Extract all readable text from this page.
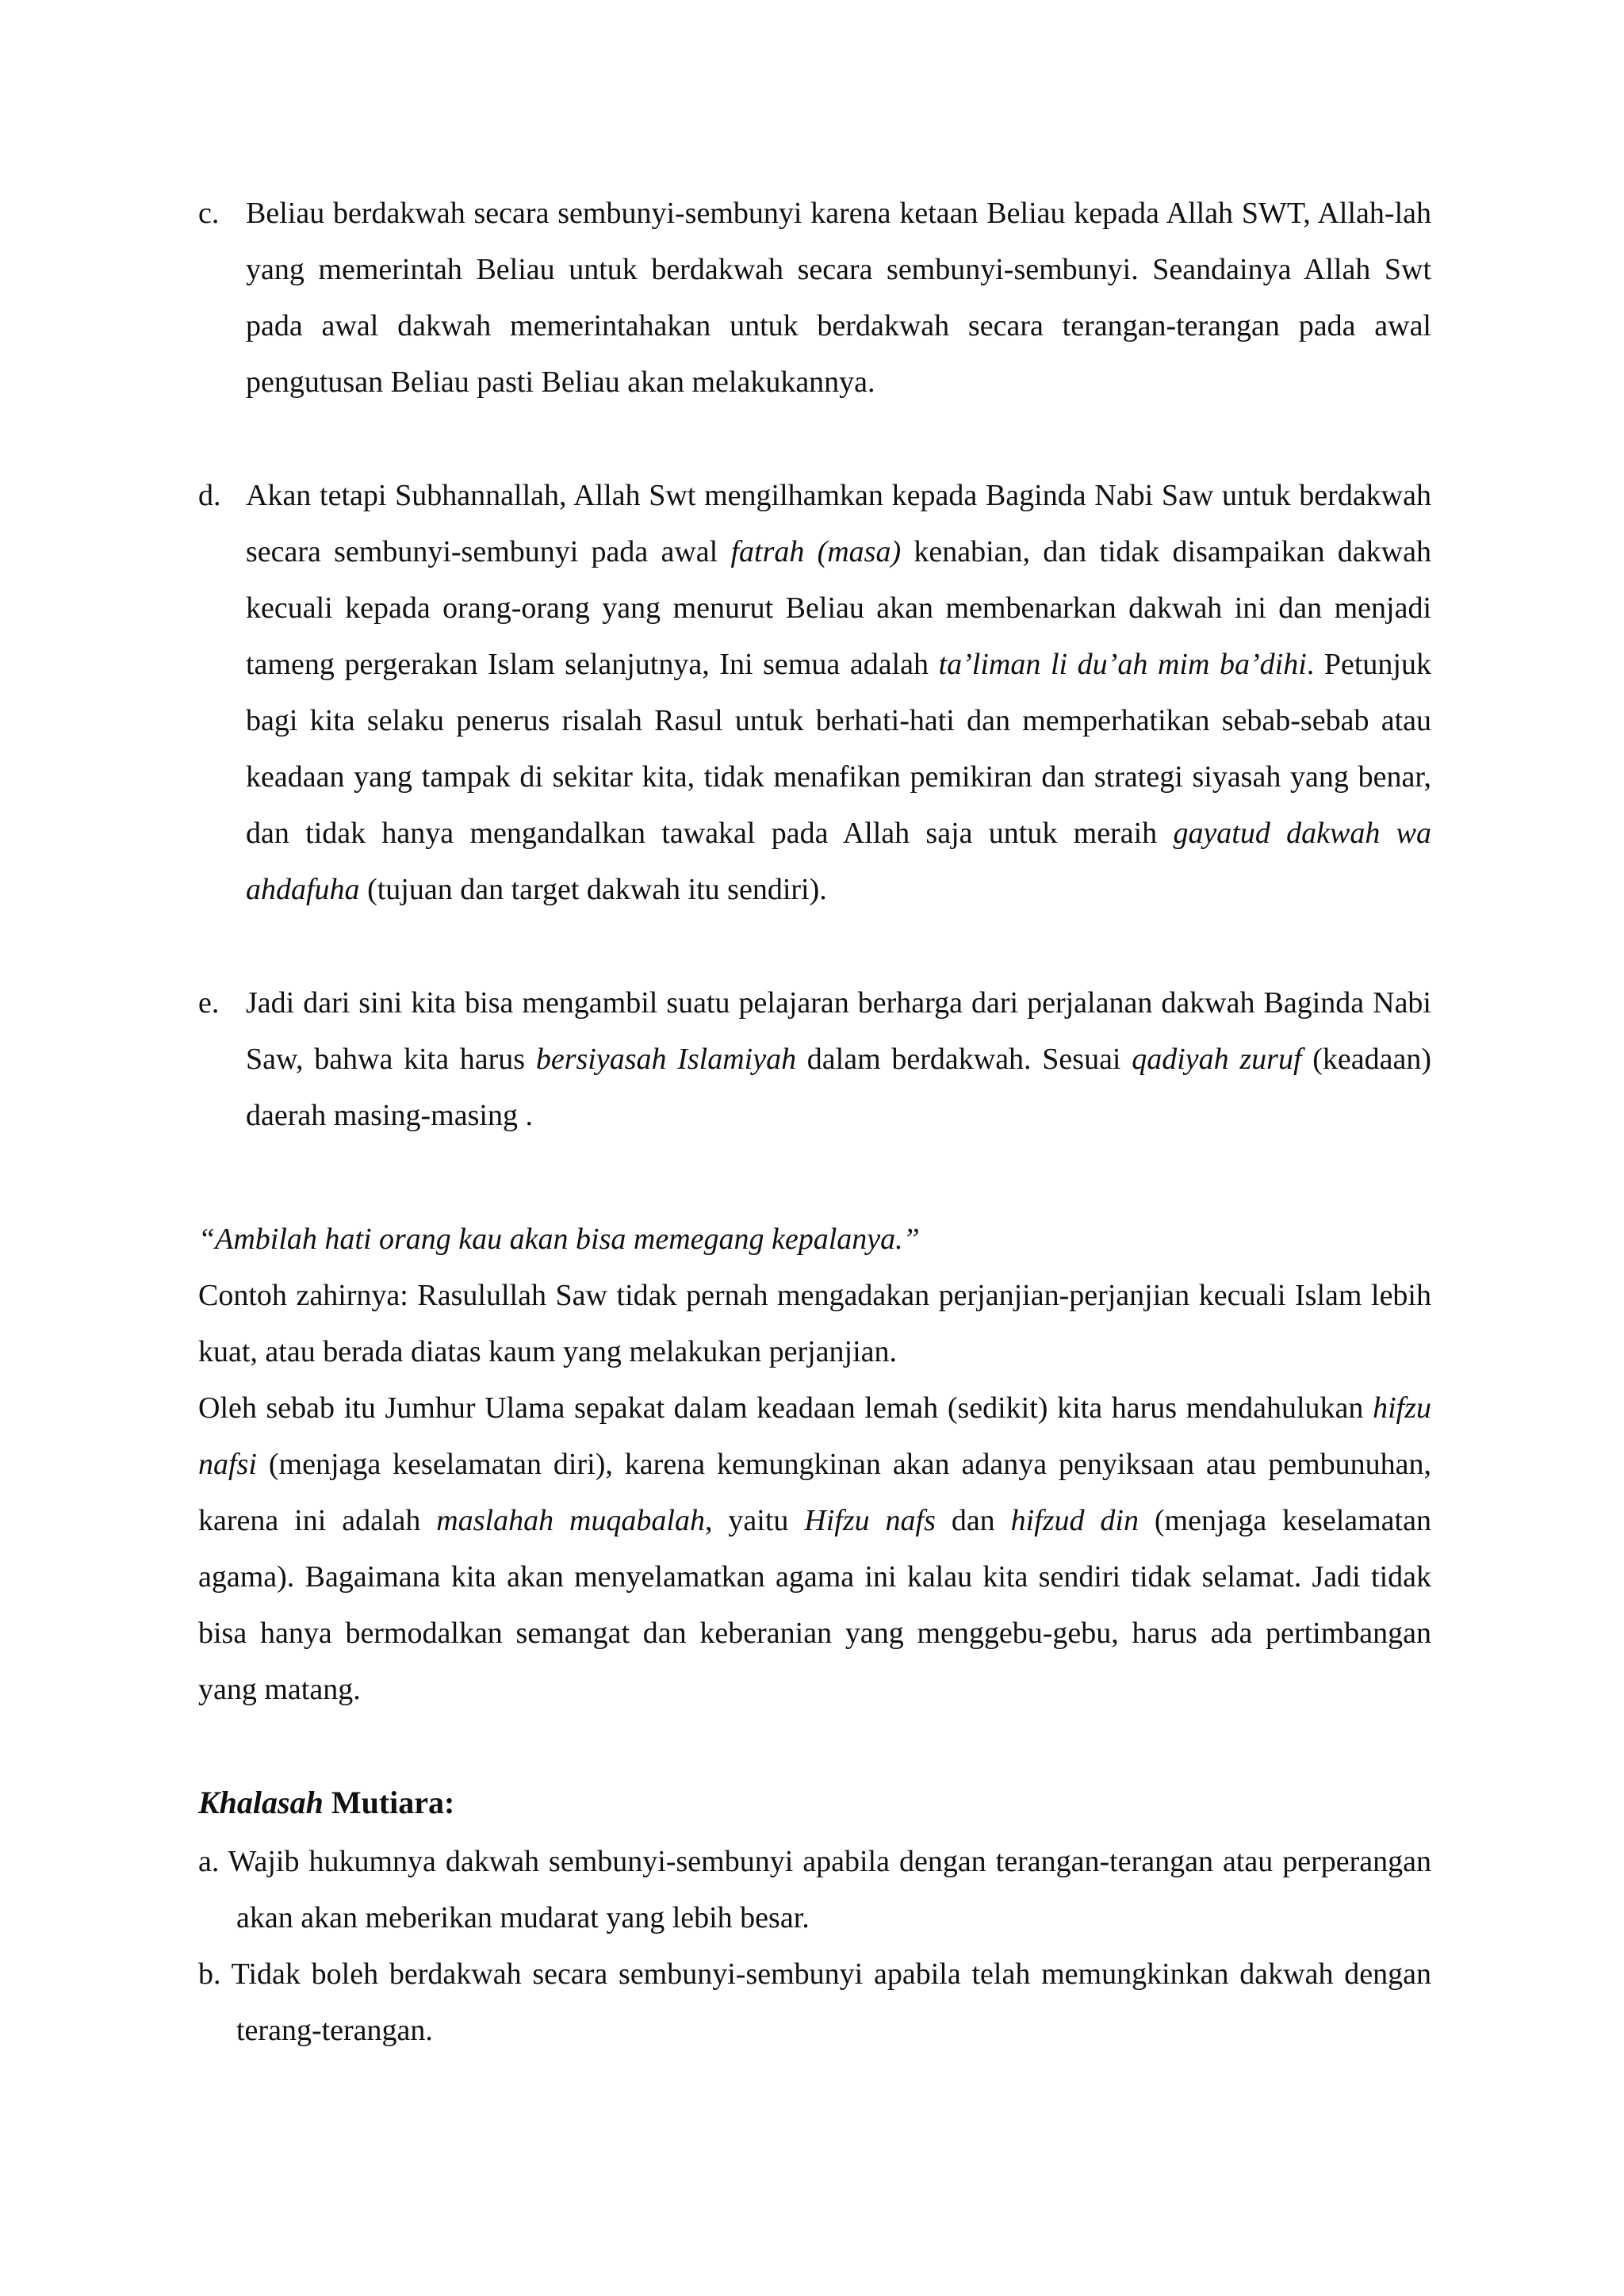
c. Beliau berdakwah secara sembunyi-sembunyi karena ketaan Beliau kepada Allah SWT, Allah-lah yang memerintah Beliau untuk berdakwah secara sembunyi-sembunyi. Seandainya Allah Swt pada awal dakwah memerintahakan untuk berdakwah secara terangan-terangan pada awal pengutusan Beliau pasti Beliau akan melakukannya.
d. Akan tetapi Subhannallah, Allah Swt mengilhamkan kepada Baginda Nabi Saw untuk berdakwah secara sembunyi-sembunyi pada awal fatrah (masa) kenabian, dan tidak disampaikan dakwah kecuali kepada orang-orang yang menurut Beliau akan membenarkan dakwah ini dan menjadi tameng pergerakan Islam selanjutnya, Ini semua adalah ta’liman li du’ah mim ba’dihi. Petunjuk bagi kita selaku penerus risalah Rasul untuk berhati-hati dan memperhatikan sebab-sebab atau keadaan yang tampak di sekitar kita, tidak menafikan pemikiran dan strategi siyasah yang benar, dan tidak hanya mengandalkan tawakal pada Allah saja untuk meraih gayatud dakwah wa ahdafuha (tujuan dan target dakwah itu sendiri).
e. Jadi dari sini kita bisa mengambil suatu pelajaran berharga dari perjalanan dakwah Baginda Nabi Saw, bahwa kita harus bersiyasah Islamiyah dalam berdakwah. Sesuai qadiyah zuruf (keadaan) daerah masing-masing .
“Ambilah hati orang kau akan bisa memegang kepalanya.”
Contoh zahirnya: Rasulullah Saw tidak pernah mengadakan perjanjian-perjanjian kecuali Islam lebih kuat, atau berada diatas kaum yang melakukan perjanjian.
Oleh sebab itu Jumhur Ulama sepakat dalam keadaan lemah (sedikit) kita harus mendahulukan hifzu nafsi (menjaga keselamatan diri), karena kemungkinan akan adanya penyiksaan atau pembunuhan, karena ini adalah maslahah muqabalah, yaitu Hifzu nafs dan hifzud din (menjaga keselamatan agama). Bagaimana kita akan menyelamatkan agama ini kalau kita sendiri tidak selamat. Jadi tidak bisa hanya bermodalkan semangat dan keberanian yang menggebu-gebu, harus ada pertimbangan yang matang.
Khalasah Mutiara:
a. Wajib hukumnya dakwah sembunyi-sembunyi apabila dengan terangan-terangan atau perperangan akan akan meberikan mudarat yang lebih besar.
b. Tidak boleh berdakwah secara sembunyi-sembunyi apabila telah memungkinkan dakwah dengan terang-terangan.
